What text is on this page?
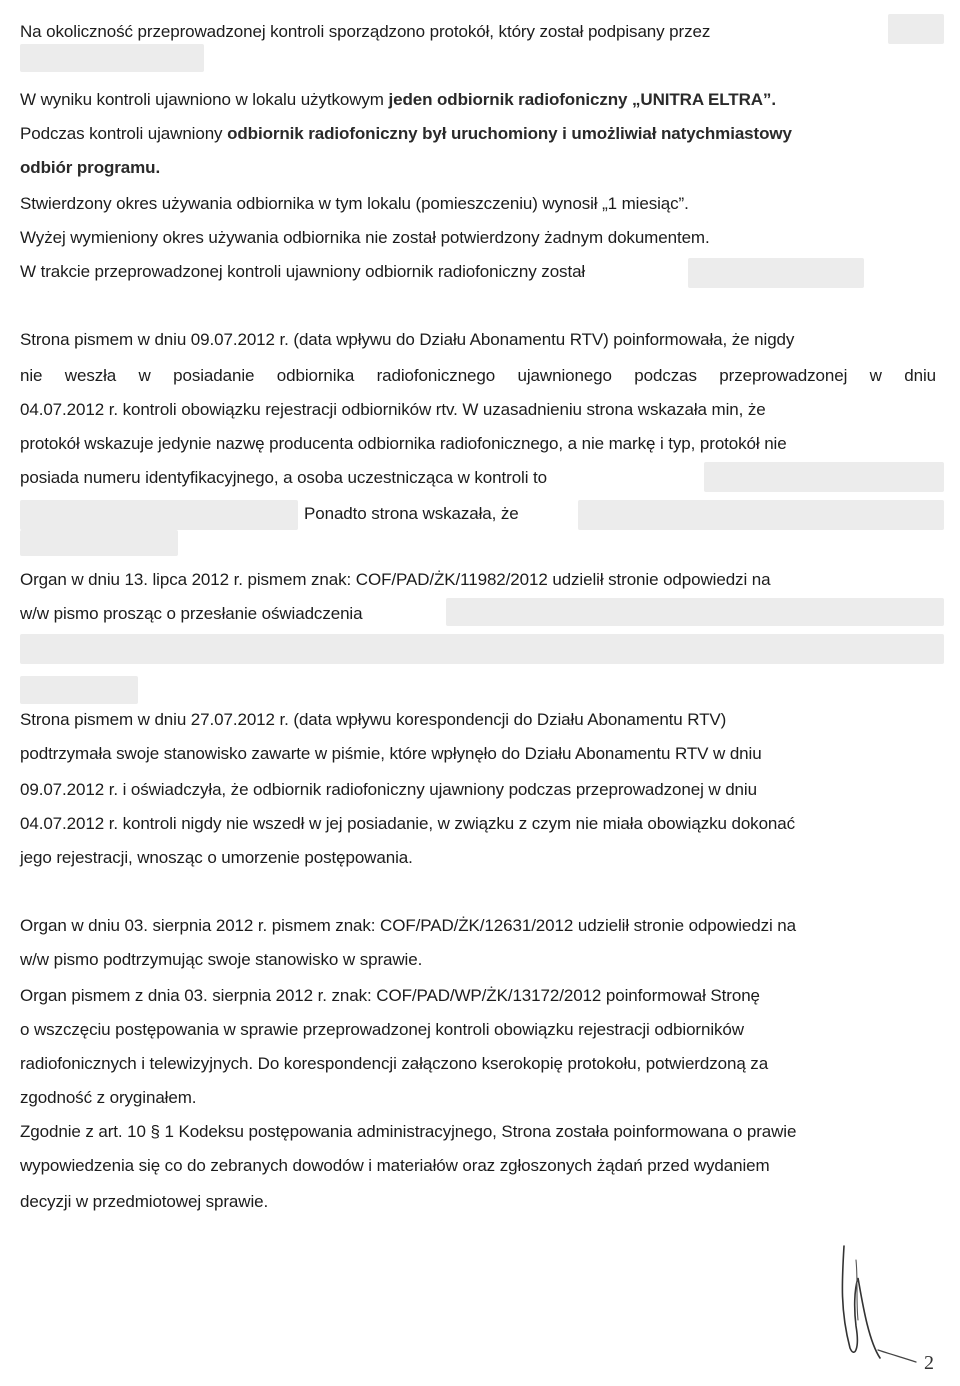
Na okoliczność przeprowadzonej kontroli sporządzono protokół, który został podpisany przez
W wyniku kontroli ujawniono w lokalu użytkowym jeden odbiornik radiofoniczny „UNITRA ELTRA”.
Podczas kontroli ujawniony odbiornik radiofoniczny był uruchomiony i umożliwiał natychmiastowy
odbiór programu.
Stwierdzony okres używania odbiornika w tym lokalu (pomieszczeniu) wynosił „1 miesiąc”.
Wyżej wymieniony okres używania odbiornika nie został potwierdzony żadnym dokumentem.
W trakcie przeprowadzonej kontroli ujawniony odbiornik radiofoniczny został
Strona pismem w dniu 09.07.2012 r. (data wpływu do Działu Abonamentu RTV) poinformowała, że nigdy
nie weszła w posiadanie odbiornika radiofonicznego ujawnionego podczas przeprowadzonej w dniu
04.07.2012 r. kontroli obowiązku rejestracji odbiorników rtv. W uzasadnieniu strona wskazała min, że
protokół wskazuje jedynie nazwę producenta odbiornika radiofonicznego, a nie markę i typ, protokół nie
posiada numeru identyfikacyjnego, a osoba uczestnicząca w kontroli to
Ponadto strona wskazała, że
Organ w dniu 13. lipca 2012 r. pismem znak: COF/PAD/ŻK/11982/2012 udzielił stronie odpowiedzi na
w/w pismo prosząc o przesłanie oświadczenia
Strona pismem w dniu 27.07.2012 r. (data wpływu korespondencji do Działu Abonamentu RTV)
podtrzymała swoje stanowisko zawarte w piśmie, które wpłynęło do Działu Abonamentu RTV w dniu
09.07.2012 r. i oświadczyła, że odbiornik radiofoniczny ujawniony podczas przeprowadzonej w dniu
04.07.2012 r. kontroli nigdy nie wszedł w jej posiadanie, w związku z czym nie miała obowiązku dokonać
jego rejestracji, wnosząc o umorzenie postępowania.
Organ w dniu 03. sierpnia 2012 r. pismem znak: COF/PAD/ŻK/12631/2012 udzielił stronie odpowiedzi na
w/w pismo podtrzymując swoje stanowisko w sprawie.
Organ pismem z dnia 03. sierpnia 2012 r. znak: COF/PAD/WP/ŻK/13172/2012 poinformował Stronę
o wszczęciu postępowania w sprawie przeprowadzonej kontroli obowiązku rejestracji odbiorników
radiofonicznych i telewizyjnych. Do korespondencji załączono kserokopię protokołu, potwierdzoną za
zgodność z oryginałem.
Zgodnie z art. 10 § 1 Kodeksu postępowania administracyjnego, Strona została poinformowana o prawie
wypowiedzenia się co do zebranych dowodów i materiałów oraz zgłoszonych żądań przed wydaniem
decyzji w przedmiotowej sprawie.
2
